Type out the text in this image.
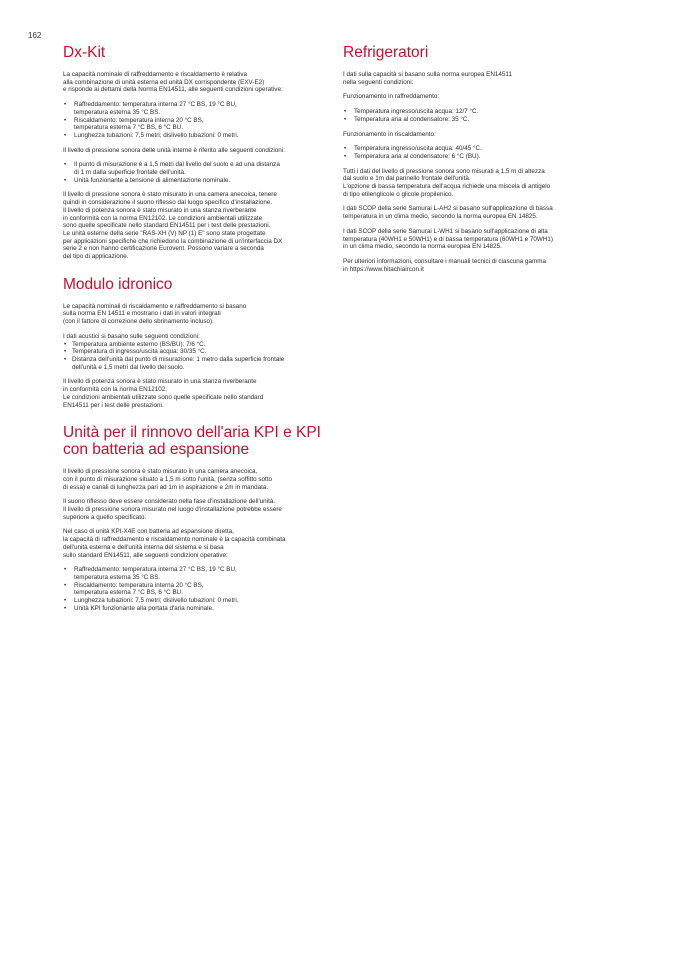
162
Dx-Kit

La capacità nominale di raffreddamento e riscaldamento è relativa
alla combinazione di unità esterna ed unità DX corrispondente (EXV-E2)
e risponde ai dettami della Norma EN14511, alle seguenti condizioni operative:

• Raffreddamento: temperatura interna 27 °C BS, 19 °C BU,
temperatura esterna 35 °C BS.
• Riscaldamento: temperatura interna 20 °C BS,
temperatura esterna 7 °C BS, 6 °C BU.
• Lunghezza tubazioni: 7,5 metri; dislivello tubazioni: 0 metri.

Il livello di pressione sonora delle unità interne è riferito alle seguenti condizioni:

• Il punto di misurazione è a 1,5 metri dal livello del suolo e ad una distanza
di 1 m dalla superficie frontale dell'unità.
• Unità funzionante a tensione di alimentazione nominale.

Il livello di pressione sonora è stato misurato in una camera anecoica, tenere
quindi in considerazione il suono riflesso dal luogo specifico d'installazione.
Il livello di potenza sonora è stato misurato in una stanza riverberante
in conformità con la norma EN12102. Le condizioni ambientali utilizzate
sono quelle specificate nello standard EN14511 per i test delle prestazioni.
Le unità esterne della serie "RAS-XH (V) NP (1) E" sono state progettate
per applicazioni specifiche che richiedono la combinazione di un'interfaccia DX
serie 2 e non hanno certificazione Eurovent. Possono variare a seconda
del tipo di applicazione.

Modulo idronico

Le capacità nominali di riscaldamento e raffreddamento si basano
sulla norma EN 14511 e mostrano i dati in valori integrati
(con il fattore di correzione dello sbrinamento incluso).

I dati acustici si basano sulle seguenti condizioni:

• Temperatura ambiente esterno (BS/BU): 7/6 °C.
• Temperatura di ingresso/uscita acqua: 30/35 °C.
• Distanza dell'unità dal punto di misurazione: 1 metro dalla superficie frontale
dell'unità e 1,5 metri dal livello del suolo.

Il livello di potenza sonora è stato misurato in una stanza riverberante
in conformità con la norma EN12102.
Le condizioni ambientali utilizzate sono quelle specificate nello standard
EN14511 per i test delle prestazioni.

Unità per il rinnovo dell'aria KPI e KPI
con batteria ad espansione

Il livello di pressione sonora è stato misurato in una camera anecoica,
con il punto di misurazione situato a 1,5 m sotto l'unità, (senza soffitto sotto
di essa) e canali di lunghezza pari ad 1m in aspirazione e 2m in mandata.

Il suono riflesso deve essere considerato nella fase d'installazione dell'unità.
Il livello di pressione sonora misurato nel luogo d'installazione potrebbe essere
superiore a quello specificato.

Nel caso di unità KPI-X4E con batteria ad espansione diretta,
la capacità di raffreddamento e riscaldamento nominale è la capacità combinata
dell'unità esterna e dell'unità interna del sistema e si basa
sullo standard EN14511, alle seguenti condizioni operative:

• Raffreddamento: temperatura interna 27 °C BS, 19 °C BU,
temperatura esterna 35 °C BS.
• Riscaldamento: temperatura interna 20 °C BS,
temperatura esterna 7 °C BS, 6 °C BU.
• Lunghezza tubazioni: 7,5 metri; dislivello tubazioni: 0 metri.
• Unità KPI funzionante alla portata d'aria nominale.
Refrigeratori

I dati sulla capacità si basano sulla norma europea EN14511
nella seguenti condizioni:

Funzionamento in raffreddamento:

• Temperatura ingresso/uscita acqua: 12/7 °C.
• Temperatura aria al condensatore: 35 °C.

Funzionamento in riscaldamento:

• Temperatura ingresso/uscita acqua: 40/45 °C.
• Temperatura aria al condensatore: 6 °C (BU).

Tutti i dati del livello di pressione sonora sono misurati a 1,5 m di altezza
dal suolo e 1m dal pannello frontale dell'unità.
L'opzione di bassa temperatura dell'acqua richiede una miscela di antigelo
di tipo etilenglicole o glicole propilenico.

I dati SCOP della serie Samurai L-AH2 si basano sull'applicazione di bassa
temperatura in un clima medio, secondo la norma europea EN 14825.

I dati SCOP della serie Samurai L-WH1 si basano sull'applicazione di alta
temperatura (40WH1 e 50WH1) e di bassa temperatura (60WH1 e 70WH1)
in un clima medio, secondo la norma europea EN 14825.

Per ulteriori informazioni, consultare i manuali tecnici di ciascuna gamma
in https://www.hitachiaircon.it
